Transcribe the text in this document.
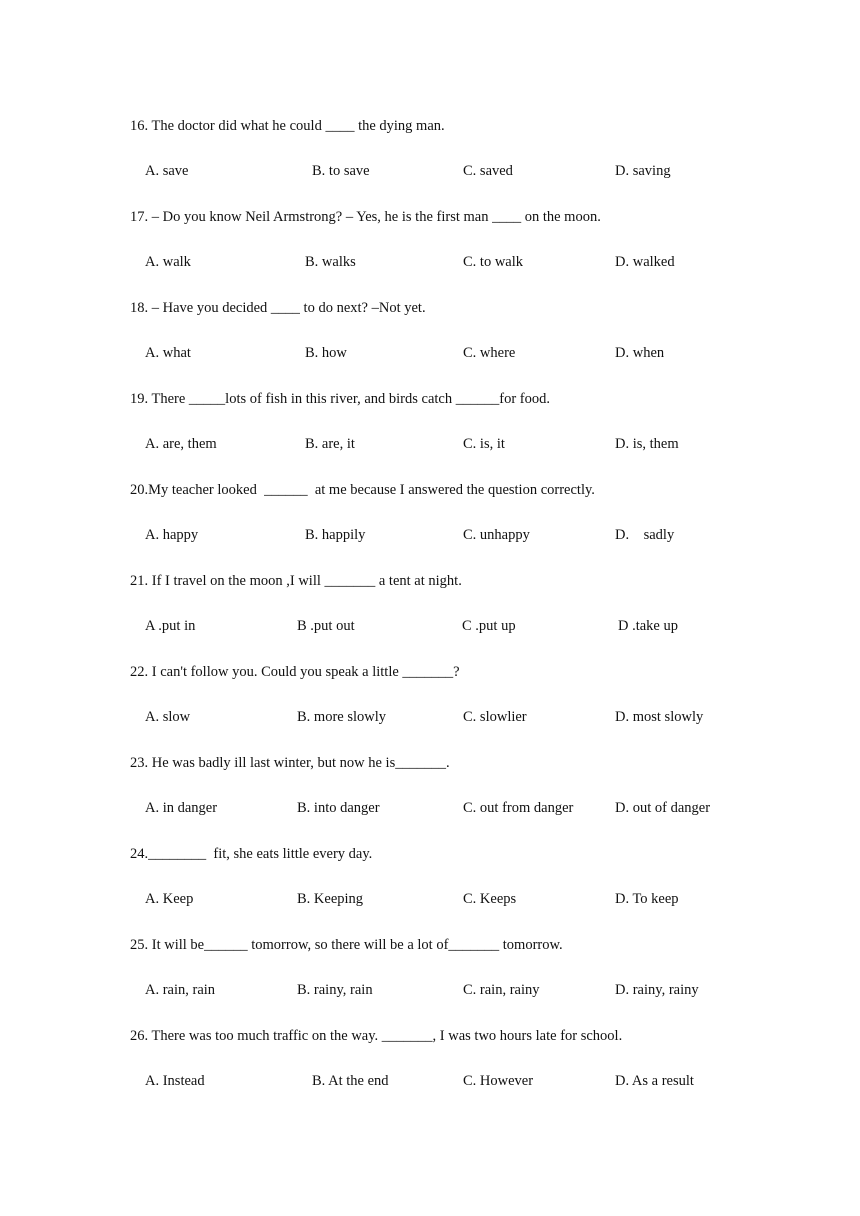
16. The doctor did what he could ____ the dying man.
A. save	B. to save	C. saved	D. saving
17. – Do you know Neil Armstrong? – Yes, he is the first man ____ on the moon.
A. walk	B. walks	C. to walk	D. walked
18. – Have you decided ____ to do next? –Not yet.
A. what	B. how	C. where	D. when
19. There _____lots of fish in this river, and birds catch ______for food.
A. are, them	B. are, it	C. is, it	D. is, them
20.My teacher looked  ______  at me because I answered the question correctly.
A. happy	B. happily	C. unhappy	D.    sadly
21. If I travel on the moon ,I will _______ a tent at night.
A .put in	B .put out	C .put up	D .take up
22. I can't follow you. Could you speak a little _______?
A. slow	B. more slowly	C. slowlier	D. most slowly
23. He was badly ill last winter, but now he is_______.
A. in danger	B. into danger	C. out from danger	D. out of danger
24.________  fit, she eats little every day.
A. Keep	B. Keeping	C. Keeps	D. To keep
25. It will be______ tomorrow, so there will be a lot of_______ tomorrow.
A. rain, rain	B. rainy, rain	C. rain, rainy	D. rainy, rainy
26. There was too much traffic on the way. _______, I was two hours late for school.
A. Instead	B. At the end	C. However	D. As a result
